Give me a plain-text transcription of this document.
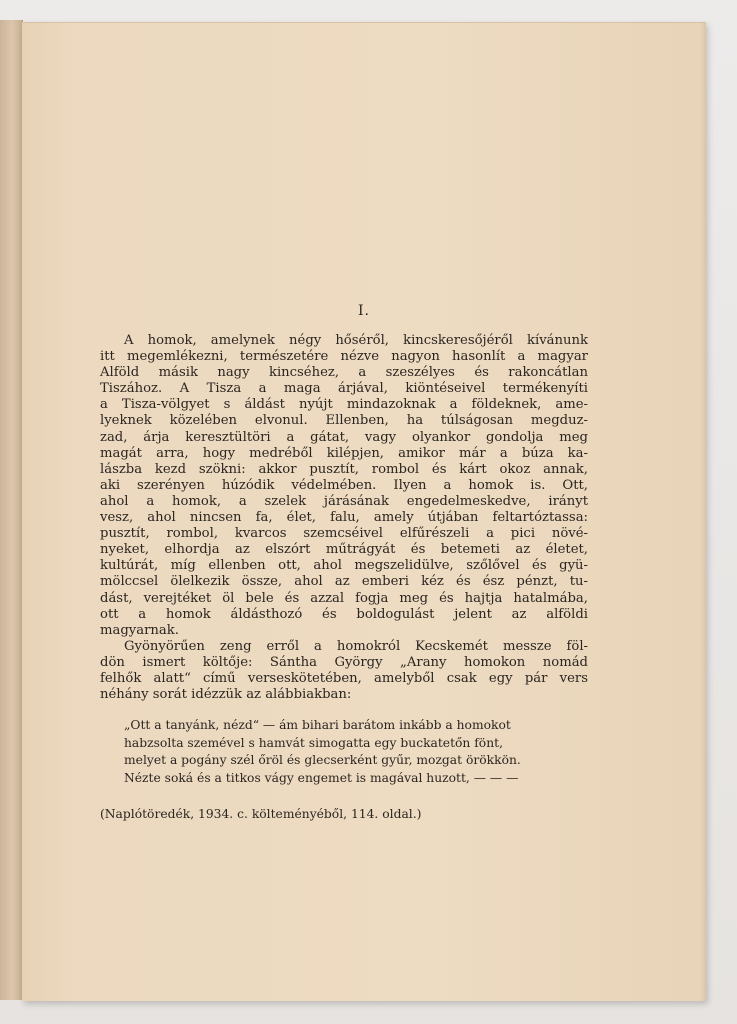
I.
A homok, amelynek négy hőséről, kincskeresőjéről kívánunk
itt megemlékezni, természetére nézve nagyon hasonlít a magyar
Alföld másik nagy kincséhez, a szeszélyes és rakoncátlan
Tiszához. A Tisza a maga árjával, kiöntéseivel termékenyíti
a Tisza-völgyet s áldást nyújt mindazoknak a földeknek, ame-
lyeknek közelében elvonul. Ellenben, ha túlságosan megduz-
zad, árja keresztültöri a gátat, vagy olyankor gondolja meg
magát arra, hogy medréből kilépjen, amikor már a búza ka-
lászba kezd szökni: akkor pusztít, rombol és kárt okoz annak,
aki szerényen húzódik védelmében. Ilyen a homok is. Ott,
ahol a homok, a szelek járásának engedelmeskedve, irányt
vesz, ahol nincsen fa, élet, falu, amely útjában feltartóztassa:
pusztít, rombol, kvarcos szemcséivel elfűrészeli a pici növé-
nyeket, elhordja az elszórt műtrágyát és betemeti az életet,
kultúrát, míg ellenben ott, ahol megszelidülve, szőlővel és gyü-
mölccsel ölelkezik össze, ahol az emberi kéz és ész pénzt, tu-
dást, verejtéket öl bele és azzal fogja meg és hajtja hatalmába,
ott a homok áldásthozó és boldogulást jelent az alföldi
magyarnak.
Gyönyörűen zeng erről a homokról Kecskemét messze föl-
dön ismert költője: Sántha György „Arany homokon nomád
felhők alatt“ című verseskötetében, amelyből csak egy pár vers
néhány sorát idézzük az alábbiakban:
„Ott a tanyánk, nézd“ — ám bihari barátom inkább a homokot
habzsolta szemével s hamvát simogatta egy buckatetőn fönt,
melyet a pogány szél őröl és glecserként gyűr, mozgat örökkön.
Nézte soká és a titkos vágy engemet is magával huzott, — — —
(Naplótöredék, 1934. c. költeményéből, 114. oldal.)
